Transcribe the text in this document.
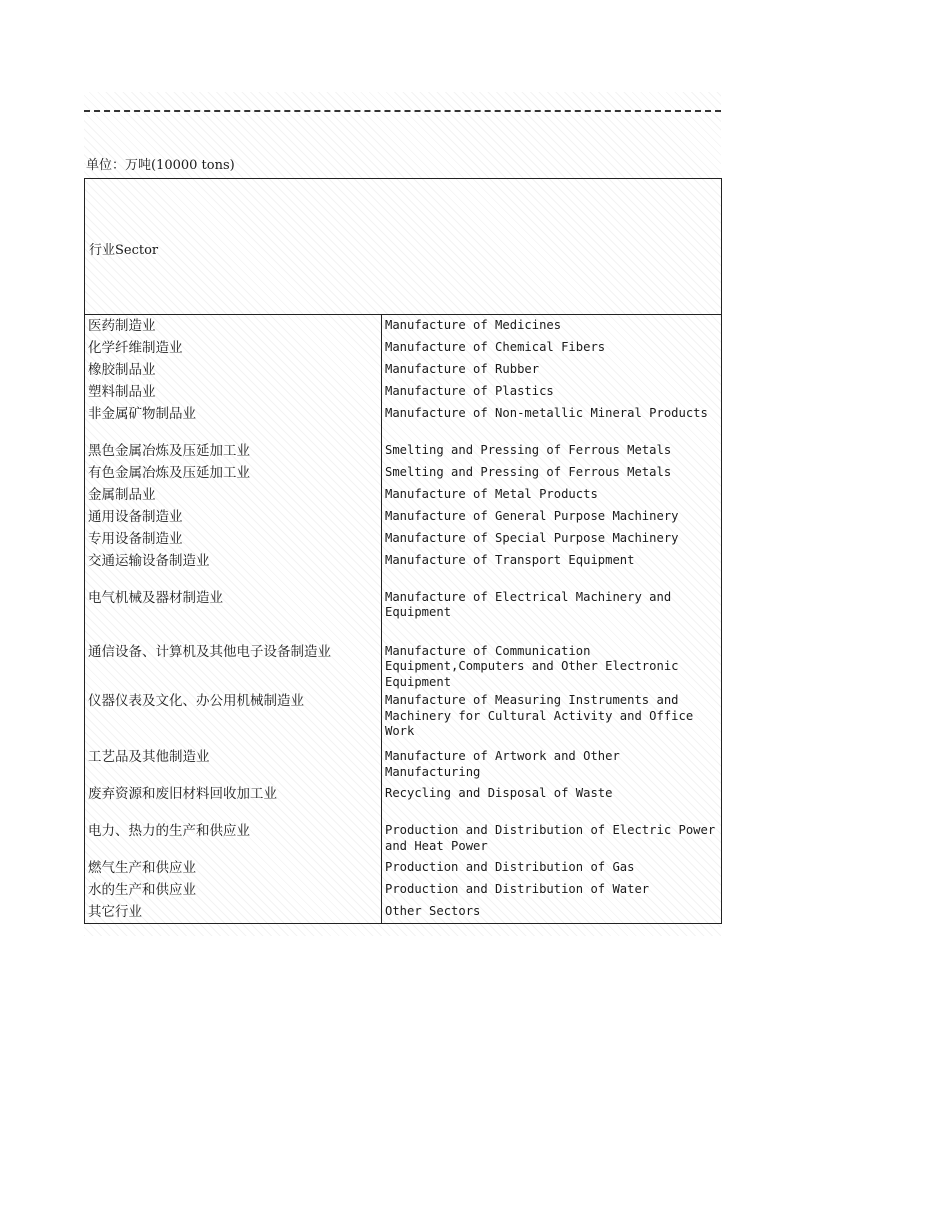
单位：万吨(10000 tons)
行业Sector	
医药制造业	Manufacture of Medicines
化学纤维制造业	Manufacture of Chemical Fibers
橡胶制品业	Manufacture of Rubber
塑料制品业	Manufacture of Plastics
非金属矿物制品业	Manufacture of Non-metallic Mineral Products
黑色金属冶炼及压延加工业	Smelting and Pressing of Ferrous Metals
有色金属冶炼及压延加工业	Smelting and Pressing of Ferrous Metals
金属制品业	Manufacture of Metal Products
通用设备制造业	Manufacture of General Purpose Machinery
专用设备制造业	Manufacture of Special Purpose Machinery
交通运输设备制造业	Manufacture of Transport Equipment
电气机械及器材制造业	Manufacture of Electrical Machinery and Equipment
通信设备、计算机及其他电子设备制造业	Manufacture of Communication Equipment,Computers and Other Electronic Equipment
仪器仪表及文化、办公用机械制造业	Manufacture of Measuring Instruments and Machinery for Cultural Activity and Office Work
工艺品及其他制造业	Manufacture of Artwork and Other Manufacturing
废弃资源和废旧材料回收加工业	Recycling and Disposal of Waste
电力、热力的生产和供应业	Production and Distribution of Electric Power and Heat Power
燃气生产和供应业	Production and Distribution of Gas
水的生产和供应业	Production and Distribution of Water
其它行业	Other Sectors
